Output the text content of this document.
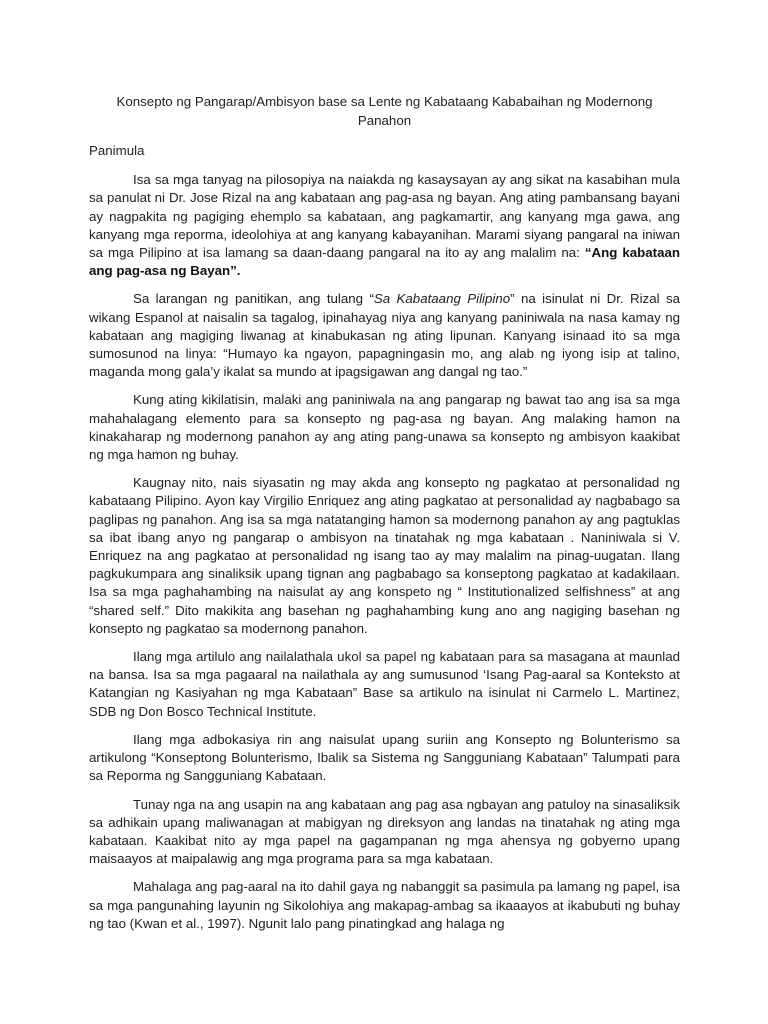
Konsepto ng Pangarap/Ambisyon base sa Lente ng Kabataang Kababaihan ng Modernong Panahon
Panimula

Isa sa mga tanyag na pilosopiya na naiakda ng kasaysayan ay ang sikat na kasabihan mula sa panulat ni Dr. Jose Rizal na ang kabataan ang pag-asa ng bayan. Ang ating pambansang bayani ay nagpakita ng pagiging ehemplo sa kabataan, ang pagkamartir, ang kanyang mga gawa, ang kanyang mga reporma, ideolohiya at ang kanyang kabayanihan. Marami siyang pangaral na iniwan sa mga Pilipino at isa lamang sa daan-daang pangaral na ito ay ang malalim na: “Ang kabataan ang pag-asa ng Bayan”.

Sa larangan ng panitikan, ang tulang “Sa Kabataang Pilipino” na isinulat ni Dr. Rizal sa wikang Espanol at naisalin sa tagalog, ipinahayag niya ang kanyang paniniwala na nasa kamay ng kabataan ang magiging liwanag at kinabukasan ng ating lipunan. Kanyang isinaad ito sa mga sumosunod na linya: “Humayo ka ngayon, papagningasin mo, ang alab ng iyong isip at talino, maganda mong gala’y ikalat sa mundo at ipagsigawan ang dangal ng tao.”

Kung ating kikilatisin, malaki ang paniniwala na ang pangarap ng bawat tao ang isa sa mga mahahalagang elemento para sa konsepto ng pag-asa ng bayan. Ang malaking hamon na kinakaharap ng modernong panahon ay ang ating pang-unawa sa konsepto ng ambisyon kaakibat ng mga hamon ng buhay.

Kaugnay nito, nais siyasatin ng may akda ang konsepto ng pagkatao at personalidad ng kabataang Pilipino. Ayon kay Virgilio Enriquez ang ating pagkatao at personalidad ay nagbabago sa paglipas ng panahon. Ang isa sa mga natatanging hamon sa modernong panahon ay ang pagtuklas sa ibat ibang anyo ng pangarap o ambisyon na tinatahak ng mga kabataan . Naniniwala si V. Enriquez na ang pagkatao at personalidad ng isang tao ay may malalim na pinag-uugatan. Ilang pagkukumpara ang sinaliksik upang tignan ang pagbabago sa konseptong pagkatao at kadakilaan. Isa sa mga paghahambing na naisulat ay ang konspeto ng “ Institutionalized selfishness” at ang “shared self.” Dito makikita ang basehan ng paghahambing kung ano ang nagiging basehan ng konsepto ng pagkatao sa modernong panahon.

Ilang mga artilulo ang nailalathala ukol sa papel ng kabataan para sa masagana at maunlad na bansa. Isa sa mga pagaaral na nailathala ay ang sumusunod ‘Isang Pag-aaral sa Konteksto at Katangian ng Kasiyahan ng mga Kabataan” Base sa artikulo na isinulat ni Carmelo L. Martinez, SDB ng Don Bosco Technical Institute.

Ilang mga adbokasiya rin ang naisulat upang suriin ang Konsepto ng Bolunterismo sa artikulong “Konseptong Bolunterismo, Ibalik sa Sistema ng Sangguniang Kabataan” Talumpati para sa Reporma ng Sangguniang Kabataan.

Tunay nga na ang usapin na ang kabataan ang pag asa ngbayan ang patuloy na sinasaliksik sa adhikain upang maliwanagan at mabigyan ng direksyon ang landas na tinatahak ng ating mga kabataan. Kaakibat nito ay mga papel na gagampanan ng mga ahensya ng gobyerno upang maisaayos at maipalawig ang mga programa para sa mga kabataan.

Mahalaga ang pag-aaral na ito dahil gaya ng nabanggit sa pasimula pa lamang ng papel, isa sa mga pangunahing layunin ng Sikolohiya ang makapag-ambag sa ikaaayos at ikabubuti ng buhay ng tao (Kwan et al., 1997). Ngunit lalo pang pinatingkad ang halaga ng
